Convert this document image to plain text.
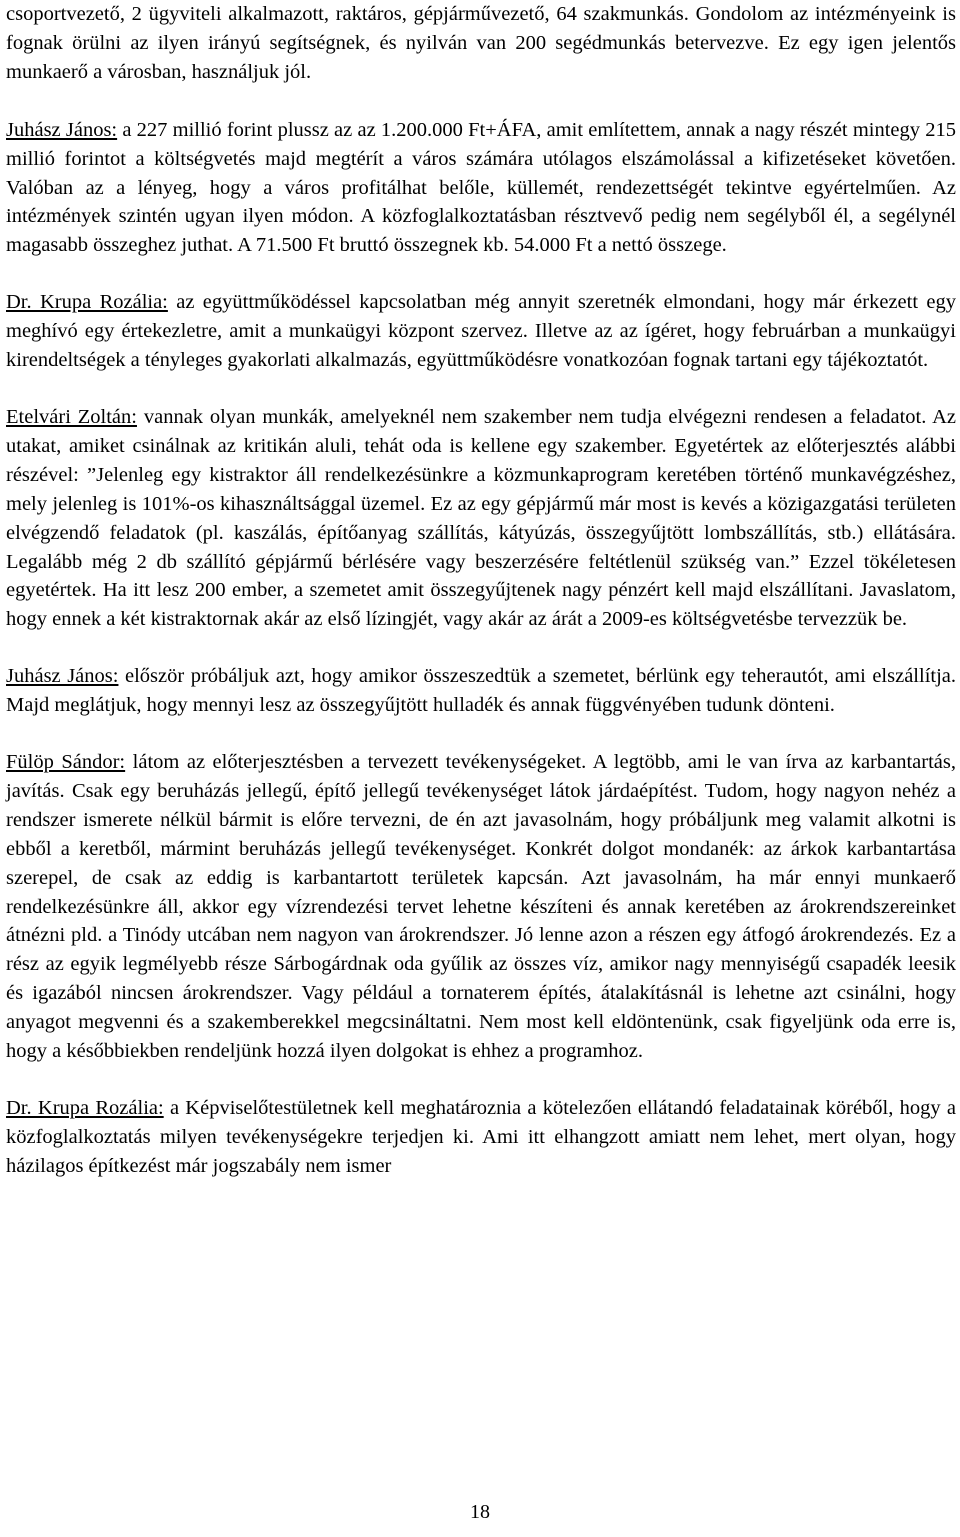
csoportvezető, 2 ügyviteli alkalmazott, raktáros, gépjárművezető, 64 szakmunkás. Gondolom az intézményeink is fognak örülni az ilyen irányú segítségnek, és nyilván van 200 segédmunkás betervezve. Ez egy igen jelentős munkaerő a városban, használjuk jól.

Juhász János: a 227 millió forint plussz az az 1.200.000 Ft+ÁFA, amit említettem, annak a nagy részét mintegy 215 millió forintot a költségvetés majd megtérít a város számára utólagos elszámolással a kifizetéseket követően. Valóban az a lényeg, hogy a város profitálhat belőle, küllemét, rendezettségét tekintve egyértelműen. Az intézmények szintén ugyan ilyen módon. A közfoglalkoztatásban résztvevő pedig nem segélyből él, a segélynél magasabb összeghez juthat. A 71.500 Ft bruttó összegnek kb. 54.000 Ft a nettó összege.

Dr. Krupa Rozália: az együttműködéssel kapcsolatban még annyit szeretnék elmondani, hogy már érkezett egy meghívó egy értekezletre, amit a munkaügyi központ szervez. Illetve az az ígéret, hogy februárban a munkaügyi kirendeltségek a tényleges gyakorlati alkalmazás, együttműködésre vonatkozóan fognak tartani egy tájékoztatót.

Etelvári Zoltán: vannak olyan munkák, amelyeknél nem szakember nem tudja elvégezni rendesen a feladatot. Az utakat, amiket csinálnak az kritikán aluli, tehát oda is kellene egy szakember. Egyetértek az előterjesztés alábbi részével: ”Jelenleg egy kistraktor áll rendelkezésünkre a közmunkaprogram keretében történő munkavégzéshez, mely jelenleg is 101%-os kihasználtsággal üzemel. Ez az egy gépjármű már most is kevés a közigazgatási területen elvégzendő feladatok (pl. kaszálás, építőanyag szállítás, kátyúzás, összegyűjtött lombszállítás, stb.) ellátására. Legalább még 2 db szállító gépjármű bérlésére vagy beszerzésére feltétlenül szükség van.” Ezzel tökéletesen egyetértek. Ha itt lesz 200 ember, a szemetet amit összegyűjtenek nagy pénzért kell majd elszállítani. Javaslatom, hogy ennek a két kistraktornak akár az első lízingjét, vagy akár az árát a 2009-es költségvetésbe tervezzük be.

Juhász János: először próbáljuk azt, hogy amikor összeszedtük a szemetet, bérlünk egy teherautót, ami elszállítja. Majd meglátjuk, hogy mennyi lesz az összegyűjtött hulladék és annak függvényében tudunk dönteni.

Fülöp Sándor: látom az előterjesztésben a tervezett tevékenységeket. A legtöbb, ami le van írva az karbantartás, javítás. Csak egy beruházás jellegű, építő jellegű tevékenységet látok járdaépítést. Tudom, hogy nagyon nehéz a rendszer ismerete nélkül bármit is előre tervezni, de én azt javasolnám, hogy próbáljunk meg valamit alkotni is ebből a keretből, mármint beruházás jellegű tevékenységet. Konkrét dolgot mondanék: az árkok karbantartása szerepel, de csak az eddig is karbantartott területek kapcsán. Azt javasolnám, ha már ennyi munkaerő rendelkezésünkre áll, akkor egy vízrendezési tervet lehetne készíteni és annak keretében az árokrendszereinket átnézni pld. a Tinódy utcában nem nagyon van árokrendszer. Jó lenne azon a részen egy átfogó árokrendezés. Ez a rész az egyik legmélyebb része Sárbogárdnak oda gyűlik az összes víz, amikor nagy mennyiségű csapadék leesik és igazából nincsen árokrendszer. Vagy például a tornaterem építés, átalakításnál is lehetne azt csinálni, hogy anyagot megvenni és a szakemberekkel megcsináltatni. Nem most kell eldöntenünk, csak figyeljünk oda erre is, hogy a későbbiekben rendeljünk hozzá ilyen dolgokat is ehhez a programhoz.

Dr. Krupa Rozália: a Képviselőtestületnek kell meghatároznia a kötelezően ellátandó feladatainak köréből, hogy a közfoglalkoztatás milyen tevékenységekre terjedjen ki. Ami itt elhangzott amiatt nem lehet, mert olyan, hogy házilagos építkezést már jogszabály nem ismer

18
